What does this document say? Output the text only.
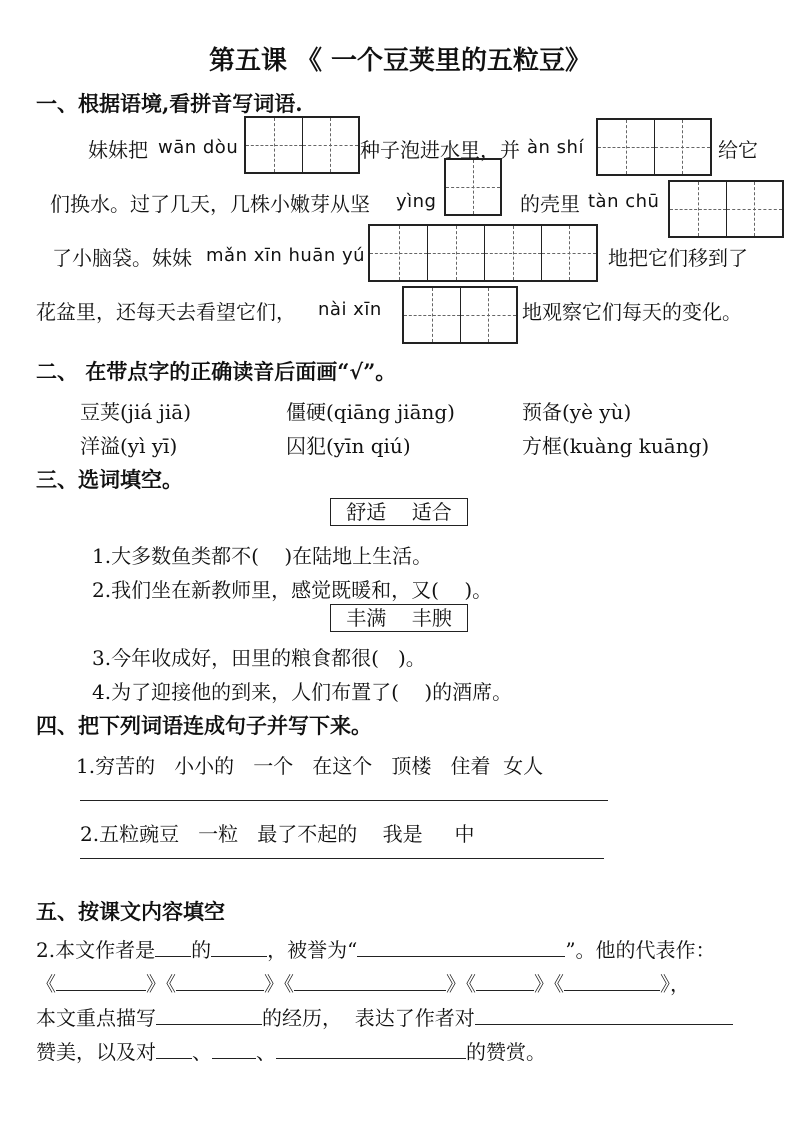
第五课 《 一个豆荚里的五粒豆》
一、根据语境,看拼音写词语.
妹妹把 wān dòu	种子泡进水里，并 àn shí	给它
们换水。过了几天，几株小嫩芽从坚 yìng	的壳里 tàn chū
了小脑袋。妹妹 mǎn xīn huān yú	地把它们移到了
花盆里，还每天去看望它们， nài xīn	地观察它们每天的变化。
二、 在带点字的正确读音后面画“√”。
豆荚(jiá jiā)	僵硬(qiāng jiāng)	预备(yè yù)
洋溢(yì yī)	囚犯(yīn qiú)	方框(kuàng kuāng)
三、选词填空。
舒适    适合
1.大多数鱼类都不(    )在陆地上生活。
2.我们坐在新教师里，感觉既暖和，又(    )。
丰满    丰腴
3.今年收成好，田里的粮食都很(   )。
4.为了迎接他的到来，人们布置了(    )的酒席。
四、把下列词语连成句子并写下来。
1.穷苦的   小小的   一个   在这个   顶楼   住着  女人
2.五粒豌豆   一粒   最了不起的    我是     中
五、按课文内容填空
2.本文作者是 的	，被誉为“	”。他的代表作：
《	》《	》《	》《	》《	》，
本文重点描写	的经历，  表达了作者对
赞美，以及对 、 、	的赞赏。
